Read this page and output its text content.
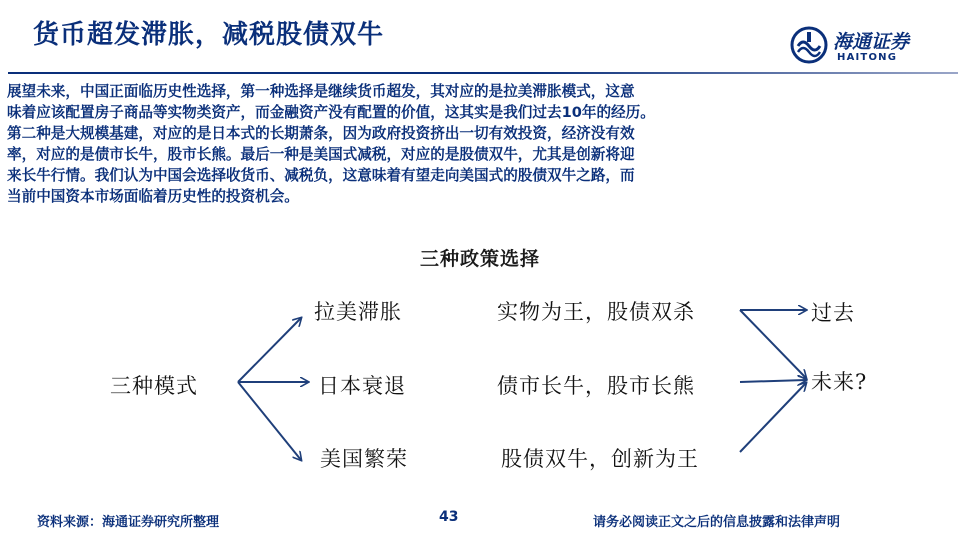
货币超发滞胀，减税股债双牛	海通证券
HAITONG
展望未来，中国正面临历史性选择，第一种选择是继续货币超发，其对应的是拉美滞胀模式，这意
味着应该配置房子商品等实物类资产，而金融资产没有配置的价值，这其实是我们过去10年的经历。
第二种是大规模基建，对应的是日本式的长期萧条，因为政府投资挤出一切有效投资，经济没有效
率，对应的是债市长牛，股市长熊。最后一种是美国式减税，对应的是股债双牛，尤其是创新将迎
来长牛行情。我们认为中国会选择收货币、减税负，这意味着有望走向美国式的股债双牛之路，而
当前中国资本市场面临着历史性的投资机会。
三种政策选择
三种模式
拉美滞胀
日本衰退
美国繁荣
实物为王，股债双杀
债市长牛，股市长熊
股债双牛，创新为王
过去
未来?
资料来源：海通证券研究所整理	43	请务必阅读正文之后的信息披露和法律声明
